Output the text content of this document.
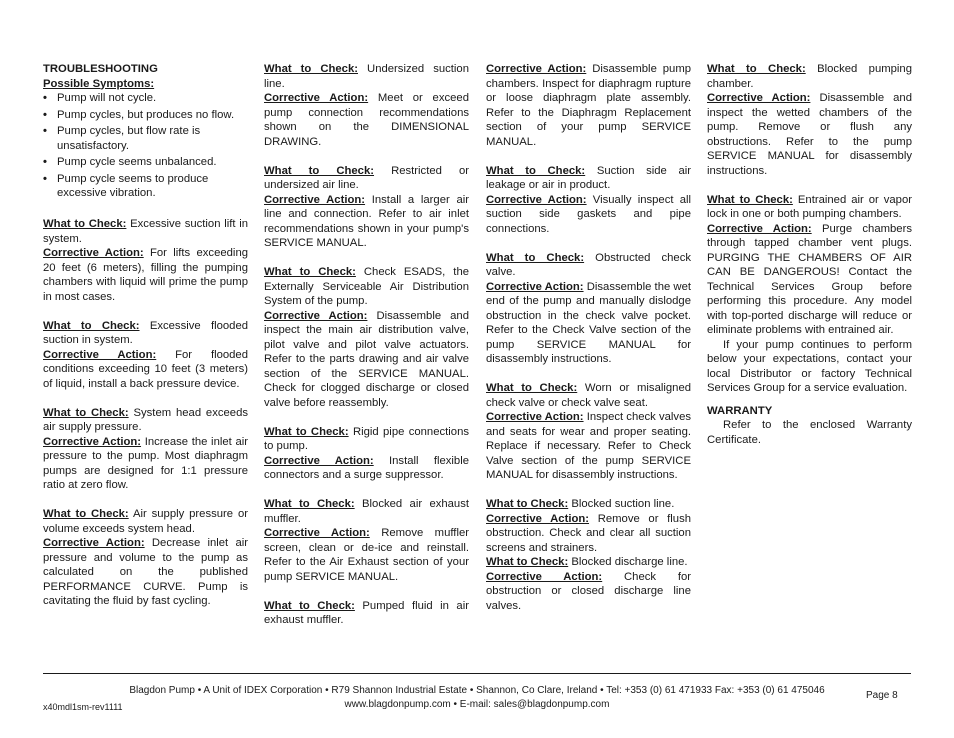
TROUBLESHOOTING

Possible Symptoms:

• Pump will not cycle.
• Pump cycles, but produces no flow.
• Pump cycles, but flow rate is unsatisfactory.
• Pump cycle seems unbalanced.
• Pump cycle seems to produce excessive vibration.

What to Check: Excessive suction lift in system.

Corrective Action: For lifts exceeding 20 feet (6 meters), filling the pumping chambers with liquid will prime the pump in most cases.

What to Check: Excessive flooded suction in system.

Corrective Action: For flooded conditions exceeding 10 feet (3 meters) of liquid, install a back pressure device.

What to Check: System head exceeds air supply pressure.

Corrective Action: Increase the inlet air pressure to the pump. Most diaphragm pumps are designed for 1:1 pressure ratio at zero flow.

What to Check: Air supply pressure or volume exceeds system head.

Corrective Action: Decrease inlet air pressure and volume to the pump as calculated on the published PERFORMANCE CURVE. Pump is cavitating the fluid by fast cycling.

What to Check: Undersized suction line.

Corrective Action: Meet or exceed pump connection recommendations shown on the DIMENSIONAL DRAWING.

What to Check: Restricted or undersized air line.

Corrective Action: Install a larger air line and connection. Refer to air inlet recommendations shown in your pump's SERVICE MANUAL.

What to Check: Check ESADS, the Externally Serviceable Air Distribution System of the pump.

Corrective Action: Disassemble and inspect the main air distribution valve, pilot valve and pilot valve actuators. Refer to the parts drawing and air valve section of the SERVICE MANUAL. Check for clogged discharge or closed valve before reassembly.

What to Check: Rigid pipe connections to pump.

Corrective Action: Install flexible connectors and a surge suppressor.

What to Check: Blocked air exhaust muffler.

Corrective Action: Remove muffler screen, clean or de-ice and reinstall. Refer to the Air Exhaust section of your pump SERVICE MANUAL.

What to Check: Pumped fluid in air exhaust muffler.

Corrective Action: Disassemble pump chambers. Inspect for diaphragm rupture or loose diaphragm plate assembly. Refer to the Diaphragm Replacement section of your pump SERVICE MANUAL.

What to Check: Suction side air leakage or air in product.

Corrective Action: Visually inspect all suction side gaskets and pipe connections.

What to Check: Obstructed check valve.

Corrective Action: Disassemble the wet end of the pump and manually dislodge obstruction in the check valve pocket. Refer to the Check Valve section of the pump SERVICE MANUAL for disassembly instructions.

What to Check: Worn or misaligned check valve or check valve seat.

Corrective Action: Inspect check valves and seats for wear and proper seating. Replace if necessary. Refer to Check Valve section of the pump SERVICE MANUAL for disassembly instructions.

What to Check: Blocked suction line.

Corrective Action: Remove or flush obstruction. Check and clear all suction screens and strainers.

What to Check: Blocked discharge line.

Corrective Action: Check for obstruction or closed discharge line valves.

What to Check: Blocked pumping chamber.

Corrective Action: Disassemble and inspect the wetted chambers of the pump. Remove or flush any obstructions. Refer to the pump SERVICE MANUAL for disassembly instructions.

What to Check: Entrained air or vapor lock in one or both pumping chambers.

Corrective Action: Purge chambers through tapped chamber vent plugs. PURGING THE CHAMBERS OF AIR CAN BE DANGEROUS! Contact the Technical Services Group before performing this procedure. Any model with top-ported discharge will reduce or eliminate problems with entrained air.

If your pump continues to perform below your expectations, contact your local Distributor or factory Technical Services Group for a service evaluation.

WARRANTY

Refer to the enclosed Warranty Certificate.

Blagdon Pump • A Unit of IDEX Corporation • R79 Shannon Industrial Estate • Shannon, Co Clare, Ireland • Tel: +353 (0) 61 471933 Fax: +353 (0) 61 475046
www.blagdonpump.com • E-mail: sales@blagdonpump.com
Page 8
x40mdl1sm-rev1111
